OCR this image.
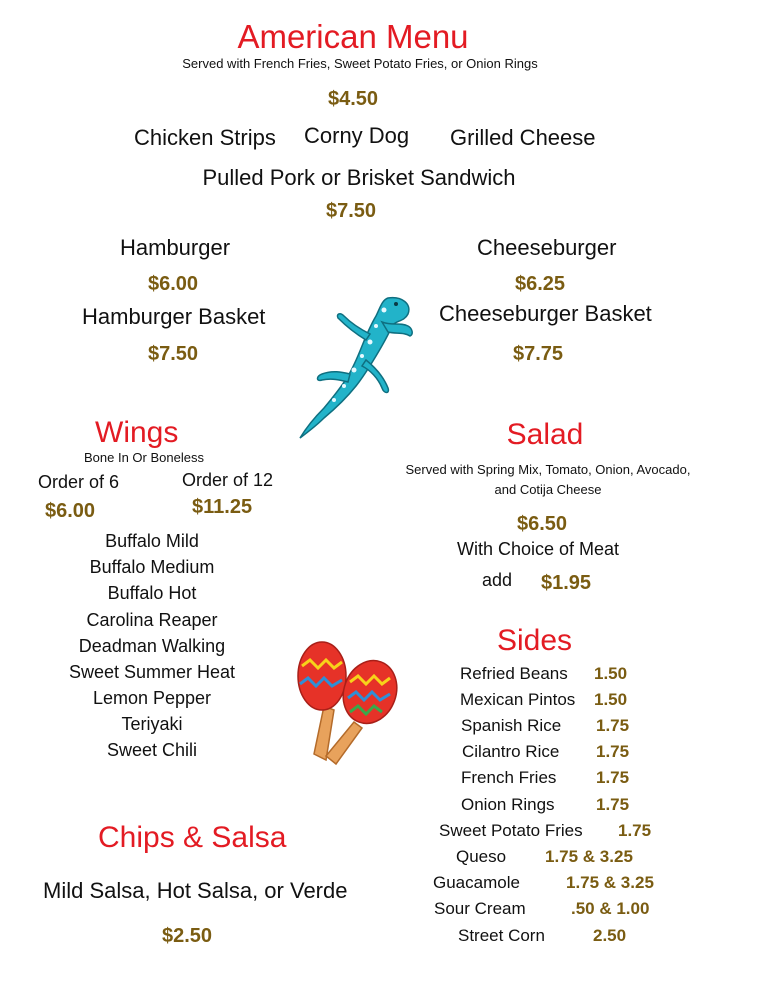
American Menu
Served with French Fries, Sweet Potato Fries, or Onion Rings
$4.50
Chicken Strips Corny Dog Grilled Cheese
Pulled Pork or Brisket Sandwich
$7.50
Hamburger
$6.00
Cheeseburger
$6.25
Hamburger Basket
$7.50
Cheeseburger Basket
$7.75
Wings
Bone In Or Boneless
Order of 6
$6.00
Order of 12
$11.25
Buffalo Mild
Buffalo Medium
Buffalo Hot
Carolina Reaper
Deadman Walking
Sweet Summer Heat
Lemon Pepper
Teriyaki
Sweet Chili
Salad
Served with Spring Mix, Tomato, Onion, Avocado,
and Cotija Cheese
$6.50
With Choice of Meat
add $1.95
Sides
Refried Beans 1.50
Mexican Pintos 1.50
Spanish Rice 1.75
Cilantro Rice 1.75
French Fries 1.75
Onion Rings 1.75
Sweet Potato Fries 1.75
Queso 1.75 & 3.25
Guacamole	1.75 & 3.25
Sour Cream	.50 & 1.00
Street Corn	2.50
Chips & Salsa
Mild Salsa, Hot Salsa, or Verde
$2.50
